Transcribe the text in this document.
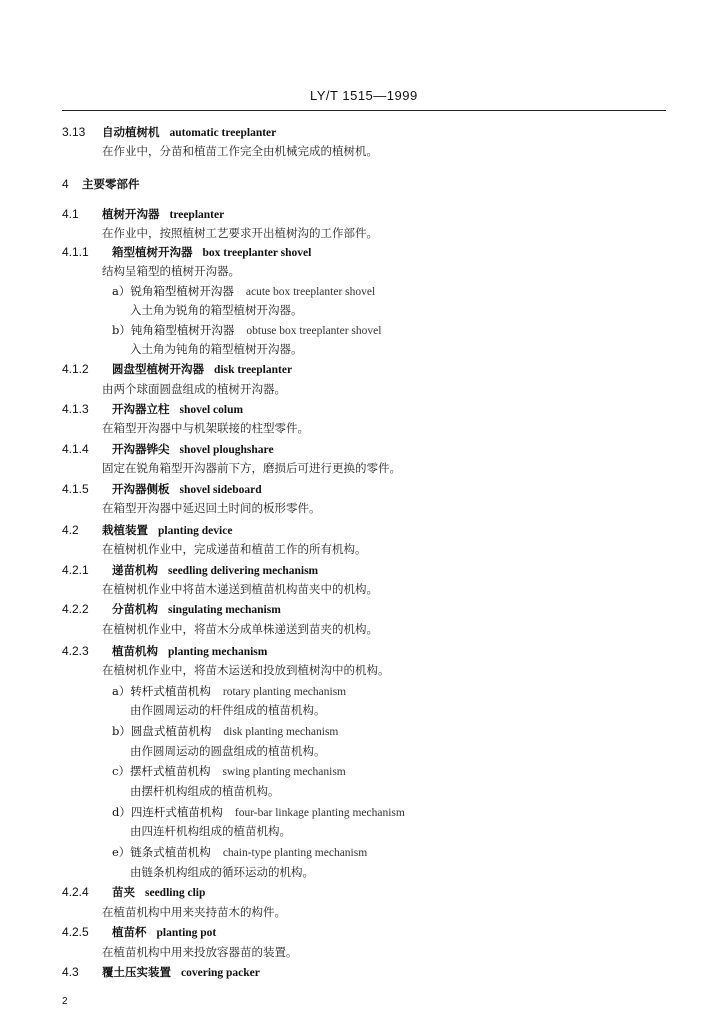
LY/T 1515—1999
3.13 自动植树机 automatic treeplanter
在作业中，分苗和植苗工作完全由机械完成的植树机。
4 主要零部件
4.1 植树开沟器 treeplanter
在作业中，按照植树工艺要求开出植树沟的工作部件。
4.1.1 箱型植树开沟器 box treeplanter shovel
结构呈箱型的植树开沟器。
a）锐角箱型植树开沟器 acute box treeplanter shovel
入土角为锐角的箱型植树开沟器。
b）钝角箱型植树开沟器 obtuse box treeplanter shovel
入土角为钝角的箱型植树开沟器。
4.1.2 圆盘型植树开沟器 disk treeplanter
由两个球面圆盘组成的植树开沟器。
4.1.3 开沟器立柱 shovel colum
在箱型开沟器中与机架联接的柱型零件。
4.1.4 开沟器铧尖 shovel ploughshare
固定在锐角箱型开沟器前下方，磨损后可进行更换的零件。
4.1.5 开沟器侧板 shovel sideboard
在箱型开沟器中延迟回土时间的板形零件。
4.2 栽植装置 planting device
在植树机作业中，完成递苗和植苗工作的所有机构。
4.2.1 递苗机构 seedling delivering mechanism
在植树机作业中将苗木递送到植苗机构苗夹中的机构。
4.2.2 分苗机构 singulating mechanism
在植树机作业中，将苗木分成单株递送到苗夹的机构。
4.2.3 植苗机构 planting mechanism
在植树机作业中，将苗木运送和投放到植树沟中的机构。
a）转杆式植苗机构 rotary planting mechanism
由作圆周运动的杆件组成的植苗机构。
b）圆盘式植苗机构 disk planting mechanism
由作圆周运动的圆盘组成的植苗机构。
c）摆杆式植苗机构 swing planting mechanism
由摆杆机构组成的植苗机构。
d）四连杆式植苗机构 four-bar linkage planting mechanism
由四连杆机构组成的植苗机构。
e）链条式植苗机构 chain-type planting mechanism
由链条机构组成的循环运动的机构。
4.2.4 苗夹 seedling clip
在植苗机构中用来夹持苗木的构件。
4.2.5 植苗杯 planting pot
在植苗机构中用来投放容器苗的装置。
4.3 覆土压实装置 covering packer
2
